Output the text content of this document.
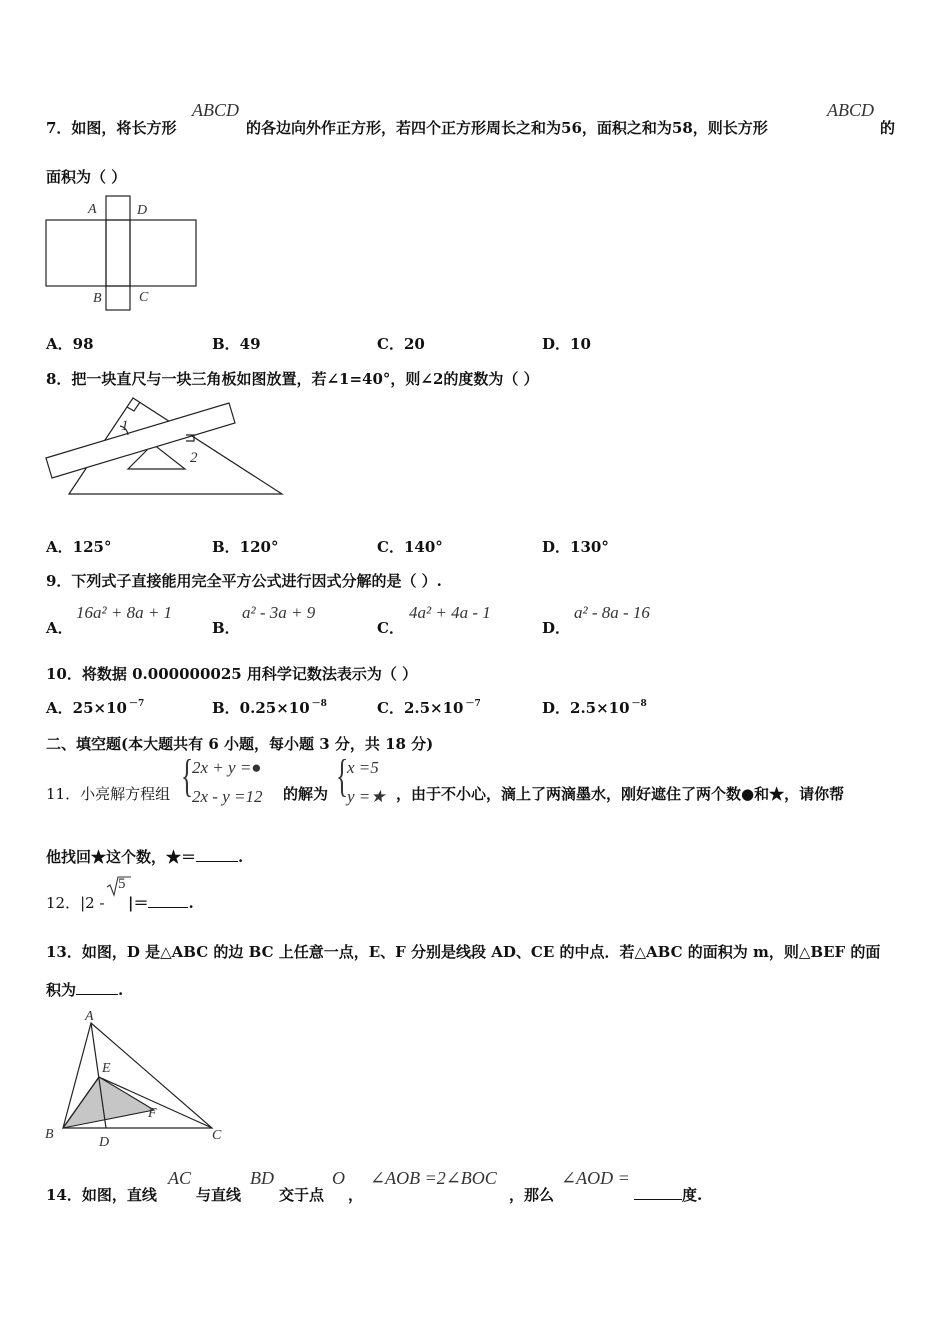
7．如图，将长方形
ABCD
的各边向外作正方形，若四个正方形周长之和为56，面积之和为58，则长方形
ABCD
的
面积为（ ）
A	D
B	C
A．98	B．49	C．20	D．10
8．把一块直尺与一块三角板如图放置，若∠1=40°，则∠2的度数为（ ）
1
2
A．125°	B．120°	C．140°	D．130°
9．下列式子直接能用完全平方公式进行因式分解的是（ ）.
A．
16a² + 8a + 1
B．
a² - 3a + 9
C．
4a² + 4a - 1
D．
a² - 8a - 16
10．将数据 0.000000025 用科学记数法表示为（ ）
A．25×10 $^{-7}$	B．0.25×10 $^{-8}$	C．2.5×10 $^{-7}$	D．2.5×10 $^{-8}$
二、填空题(本大题共有 6 小题，每小题 3 分，共 18 分)
11．小亮解方程组 {
2x + y =●
2x - y =12 的解为 {
x =5
y =★ ，由于不小心，滴上了两滴墨水，刚好遮住了两个数●和★，请你帮
他找回★这个数，★＝	.
12．|2 -
5
|＝	.
13．如图，D 是△ABC 的边 BC 上任意一点，E、F 分别是线段 AD、CE 的中点．若△ABC 的面积为 m，则△BEF 的面
积为	.
A
E
F
B
D	C
14．如图，直线
AC
与直线
BD
交于点
O
，
∠AOB =2∠BOC
，那么
∠AOD =
度.
